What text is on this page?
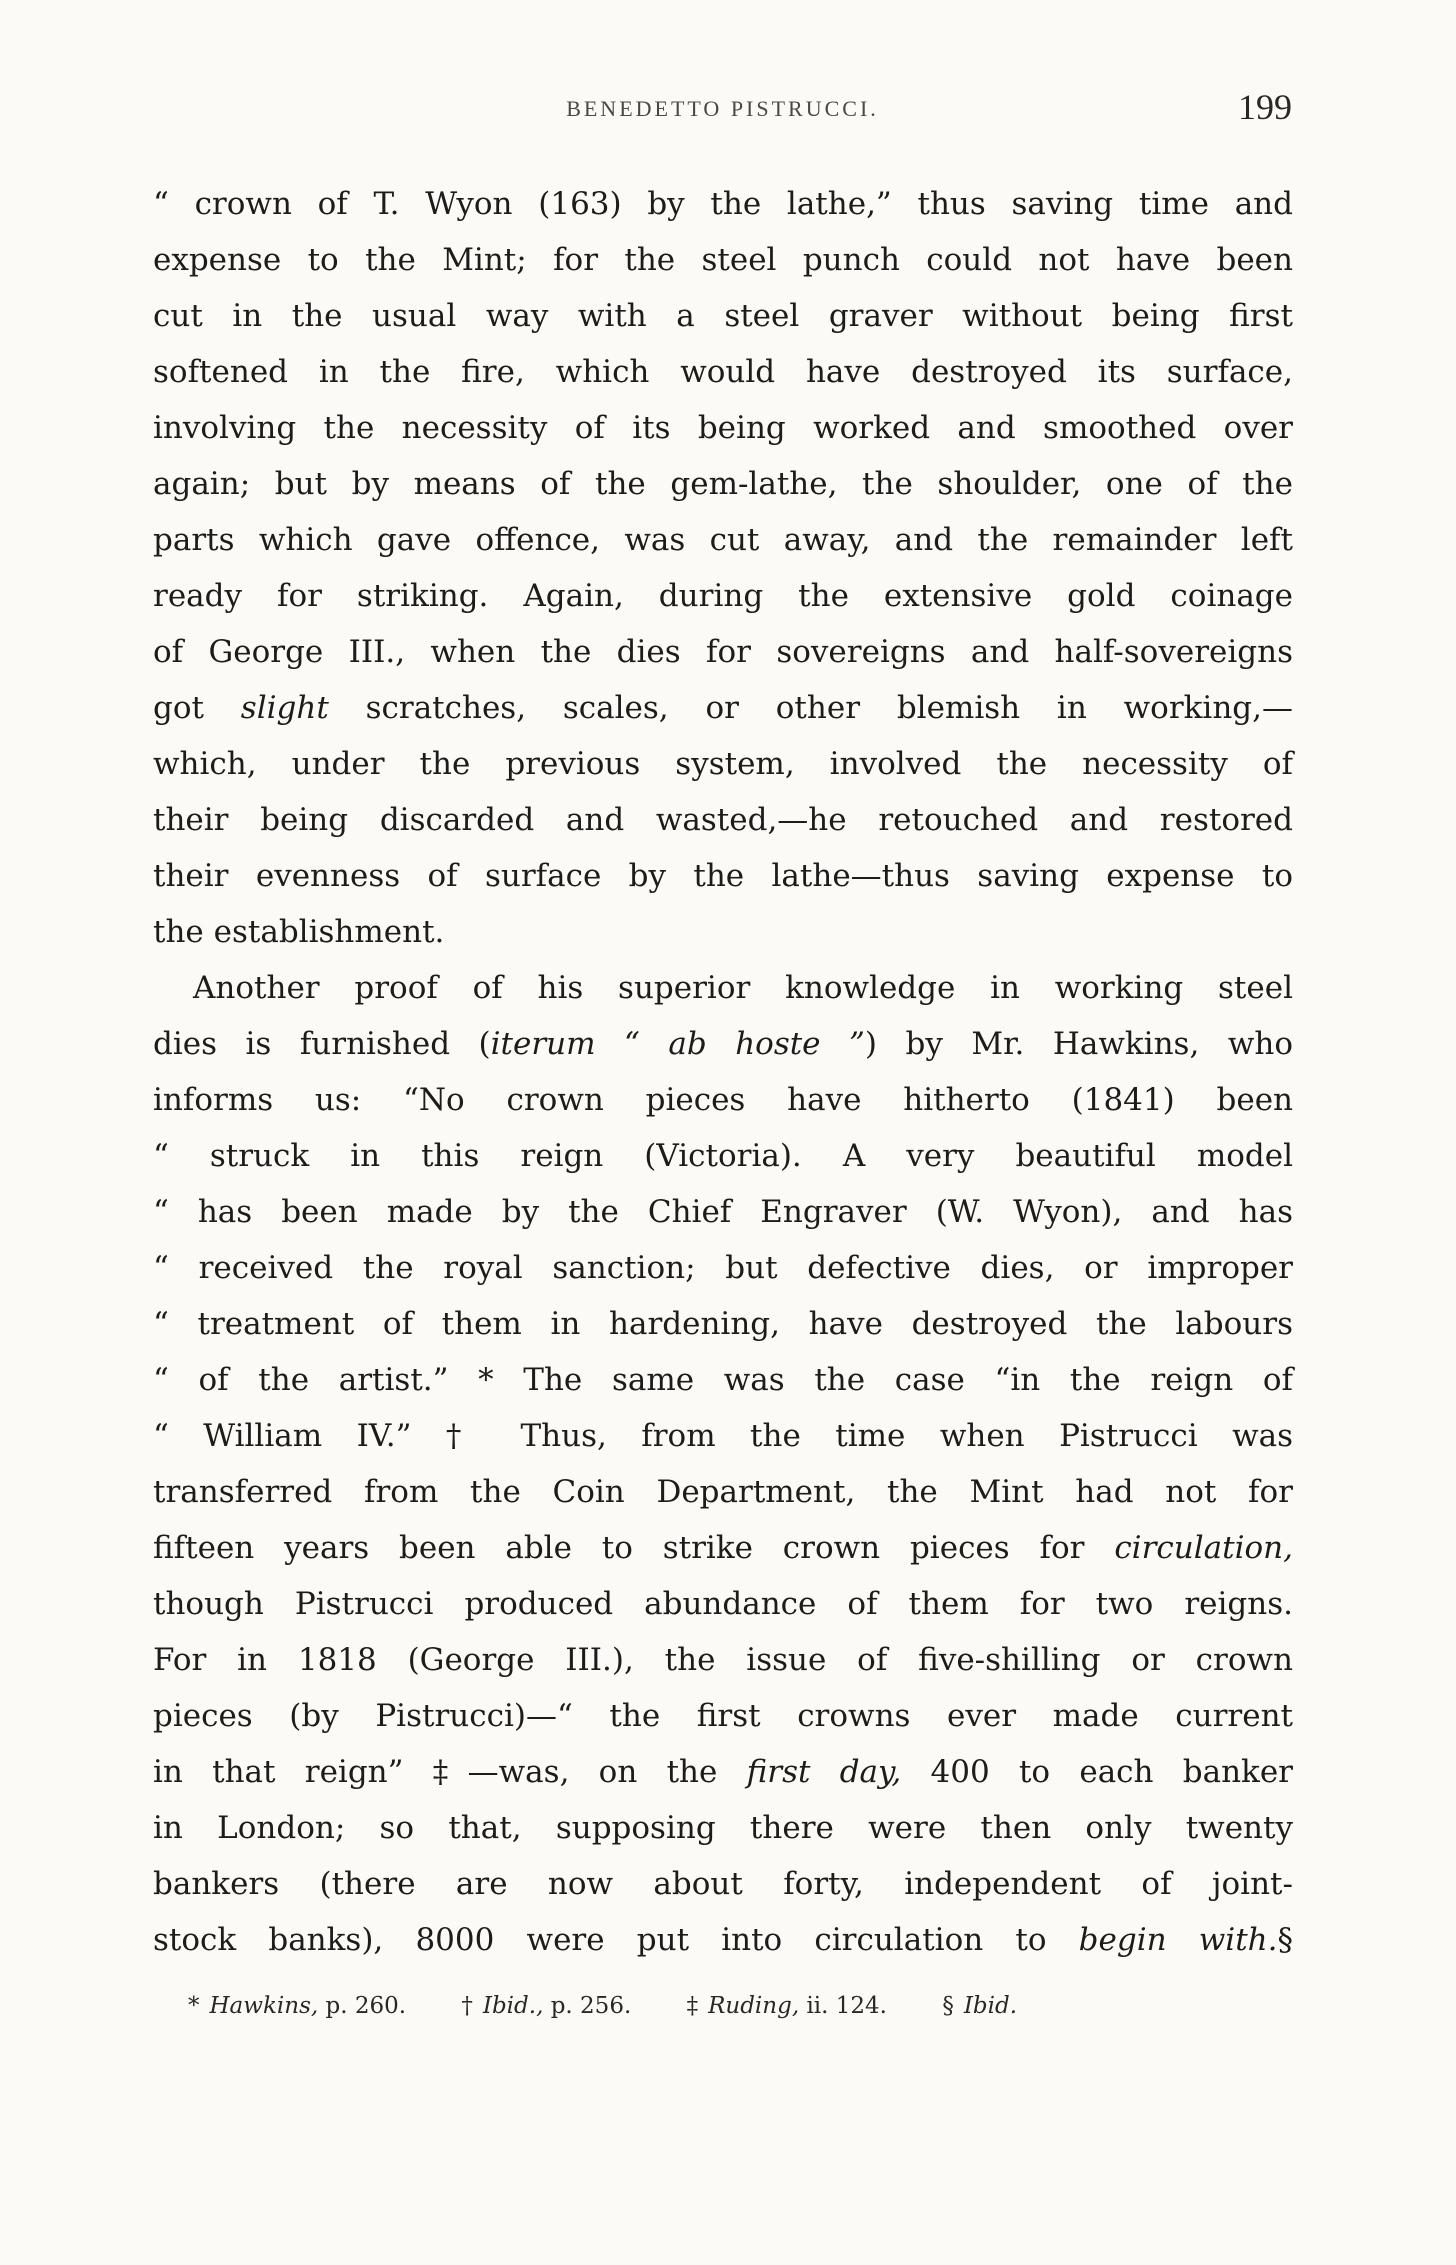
BENEDETTO PISTRUCCI.	199
“ crown of T. Wyon (163) by the lathe,” thus saving time and
expense to the Mint; for the steel punch could not have been
cut in the usual way with a steel graver without being first
softened in the fire, which would have destroyed its surface,
involving the necessity of its being worked and smoothed over
again; but by means of the gem-lathe, the shoulder, one of the
parts which gave offence, was cut away, and the remainder left
ready for striking. Again, during the extensive gold coinage
of George III., when the dies for sovereigns and half-sovereigns
got slight scratches, scales, or other blemish in working,—
which, under the previous system, involved the necessity of
their being discarded and wasted,—he retouched and restored
their evenness of surface by the lathe—thus saving expense to
the establishment.
Another proof of his superior knowledge in working steel
dies is furnished (iterum “ ab hoste ”) by Mr. Hawkins, who
informs us: “No crown pieces have hitherto (1841) been
“ struck in this reign (Victoria). A very beautiful model
“ has been made by the Chief Engraver (W. Wyon), and has
“ received the royal sanction; but defective dies, or improper
“ treatment of them in hardening, have destroyed the labours
“ of the artist.” * The same was the case “in the reign of
“ William IV.” † Thus, from the time when Pistrucci was
transferred from the Coin Department, the Mint had not for
fifteen years been able to strike crown pieces for circulation,
though Pistrucci produced abundance of them for two reigns.
For in 1818 (George III.), the issue of five-shilling or crown
pieces (by Pistrucci)—“ the first crowns ever made current
in that reign” ‡—was, on the first day, 400 to each banker
in London; so that, supposing there were then only twenty
bankers (there are now about forty, independent of joint-
stock banks), 8000 were put into circulation to begin with.§
* Hawkins, p. 260. † Ibid., p. 256. ‡ Ruding, ii. 124. § Ibid.
